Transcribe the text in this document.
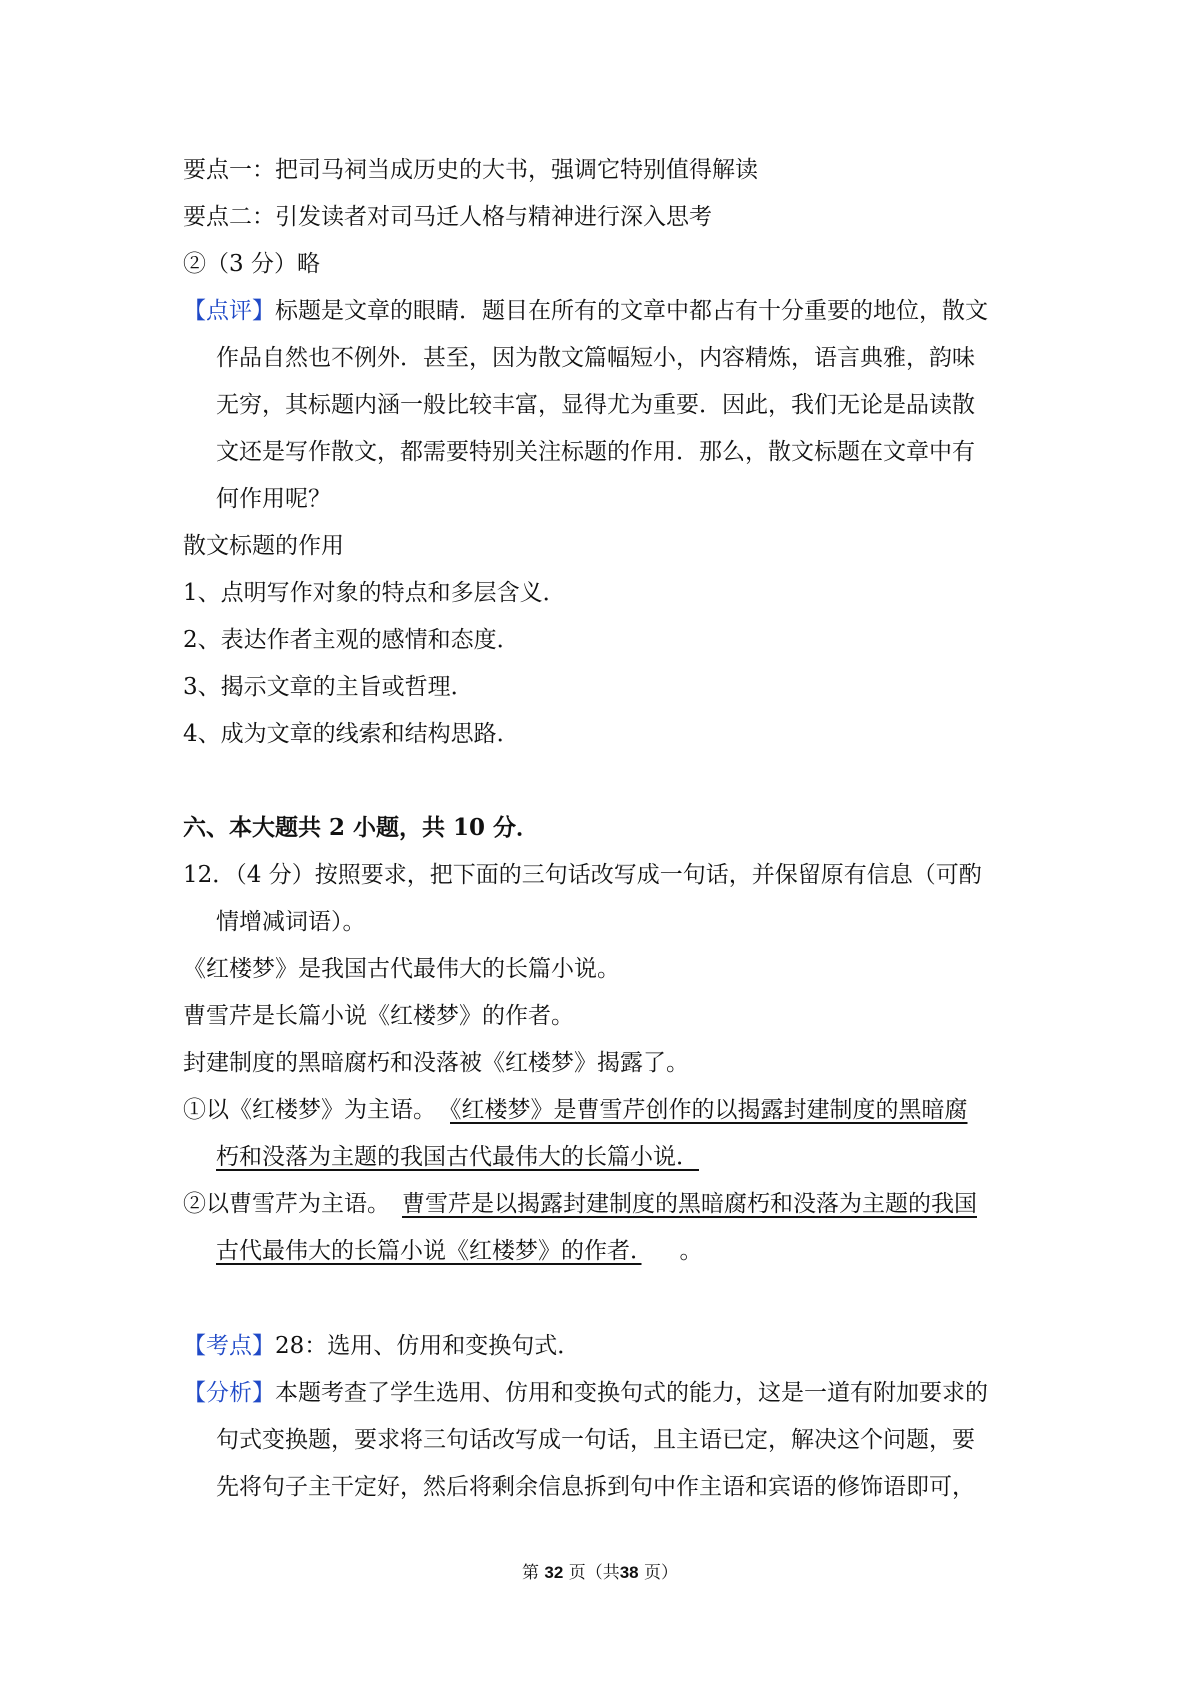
要点一：把司马祠当成历史的大书，强调它特别值得解读
要点二：引发读者对司马迁人格与精神进行深入思考
②（3 分）略
【点评】标题是文章的眼睛．题目在所有的文章中都占有十分重要的地位，散文
作品自然也不例外．甚至，因为散文篇幅短小，内容精炼，语言典雅，韵味
无穷，其标题内涵一般比较丰富，显得尤为重要．因此，我们无论是品读散
文还是写作散文，都需要特别关注标题的作用．那么，散文标题在文章中有
何作用呢？
散文标题的作用
1、点明写作对象的特点和多层含义．
2、表达作者主观的感情和态度．
3、揭示文章的主旨或哲理．
4、成为文章的线索和结构思路．
六、本大题共 2 小题，共 10 分．
12．（4 分）按照要求，把下面的三句话改写成一句话，并保留原有信息（可酌
情增减词语）。
《红楼梦》是我国古代最伟大的长篇小说。
曹雪芹是长篇小说《红楼梦》的作者。
封建制度的黑暗腐朽和没落被《红楼梦》揭露了。
①以《红楼梦》为主语。 《红楼梦》是曹雪芹创作的以揭露封建制度的黑暗腐
朽和没落为主题的我国古代最伟大的长篇小说．
②以曹雪芹为主语。 曹雪芹是以揭露封建制度的黑暗腐朽和没落为主题的我国
古代最伟大的长篇小说《红楼梦》的作者． 。
【考点】28：选用、仿用和变换句式．
【分析】本题考查了学生选用、仿用和变换句式的能力，这是一道有附加要求的
句式变换题，要求将三句话改写成一句话，且主语已定，解决这个问题，要
先将句子主干定好，然后将剩余信息拆到句中作主语和宾语的修饰语即可，
第 32 页（共38 页）
